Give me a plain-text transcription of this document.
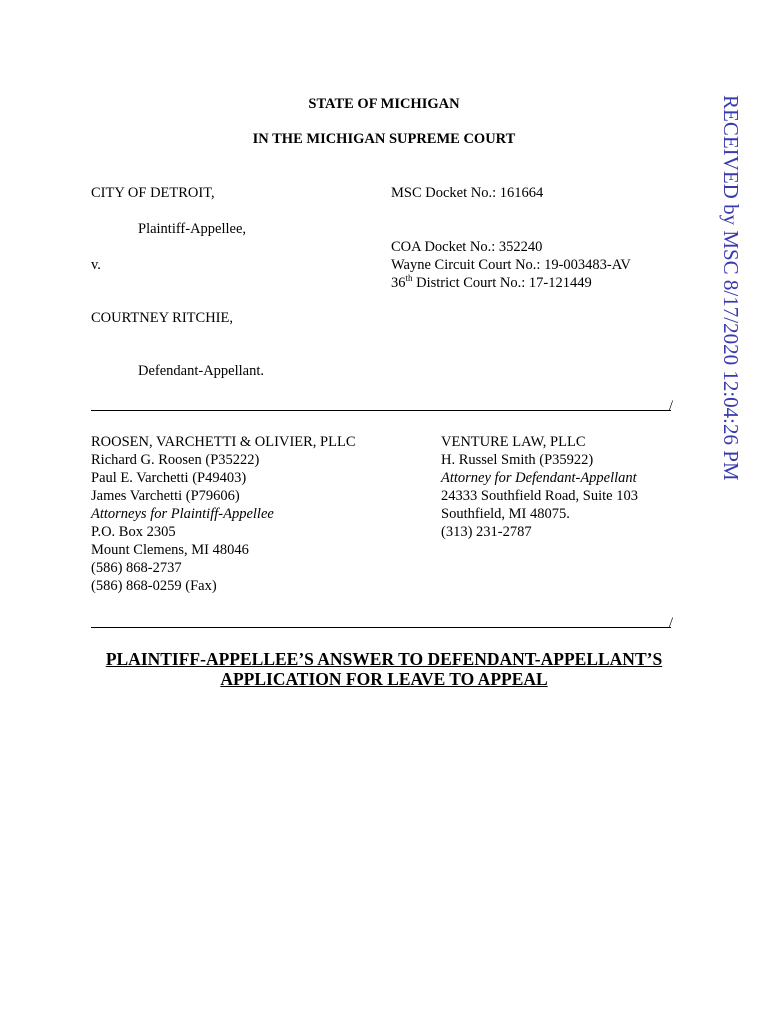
STATE OF MICHIGAN
IN THE MICHIGAN SUPREME COURT
CITY OF DETROIT,
Plaintiff-Appellee,
v.
COURTNEY RITCHIE,
Defendant-Appellant.
MSC Docket No.: 161664
COA Docket No.: 352240
Wayne Circuit Court No.: 19-003483-AV
36th District Court No.: 17-121449
/
ROOSEN, VARCHETTI & OLIVIER, PLLC
Richard G. Roosen (P35222)
Paul E. Varchetti (P49403)
James Varchetti (P79606)
Attorneys for Plaintiff-Appellee
P.O. Box 2305
Mount Clemens, MI 48046
(586) 868-2737
(586) 868-0259 (Fax)
VENTURE LAW, PLLC
H. Russel Smith (P35922)
Attorney for Defendant-Appellant
24333 Southfield Road, Suite 103
Southfield, MI 48075.
(313) 231-2787
/
PLAINTIFF-APPELLEE’S ANSWER TO DEFENDANT-APPELLANT’S
APPLICATION FOR LEAVE TO APPEAL
RECEIVED by MSC 8/17/2020 12:04:26 PM
